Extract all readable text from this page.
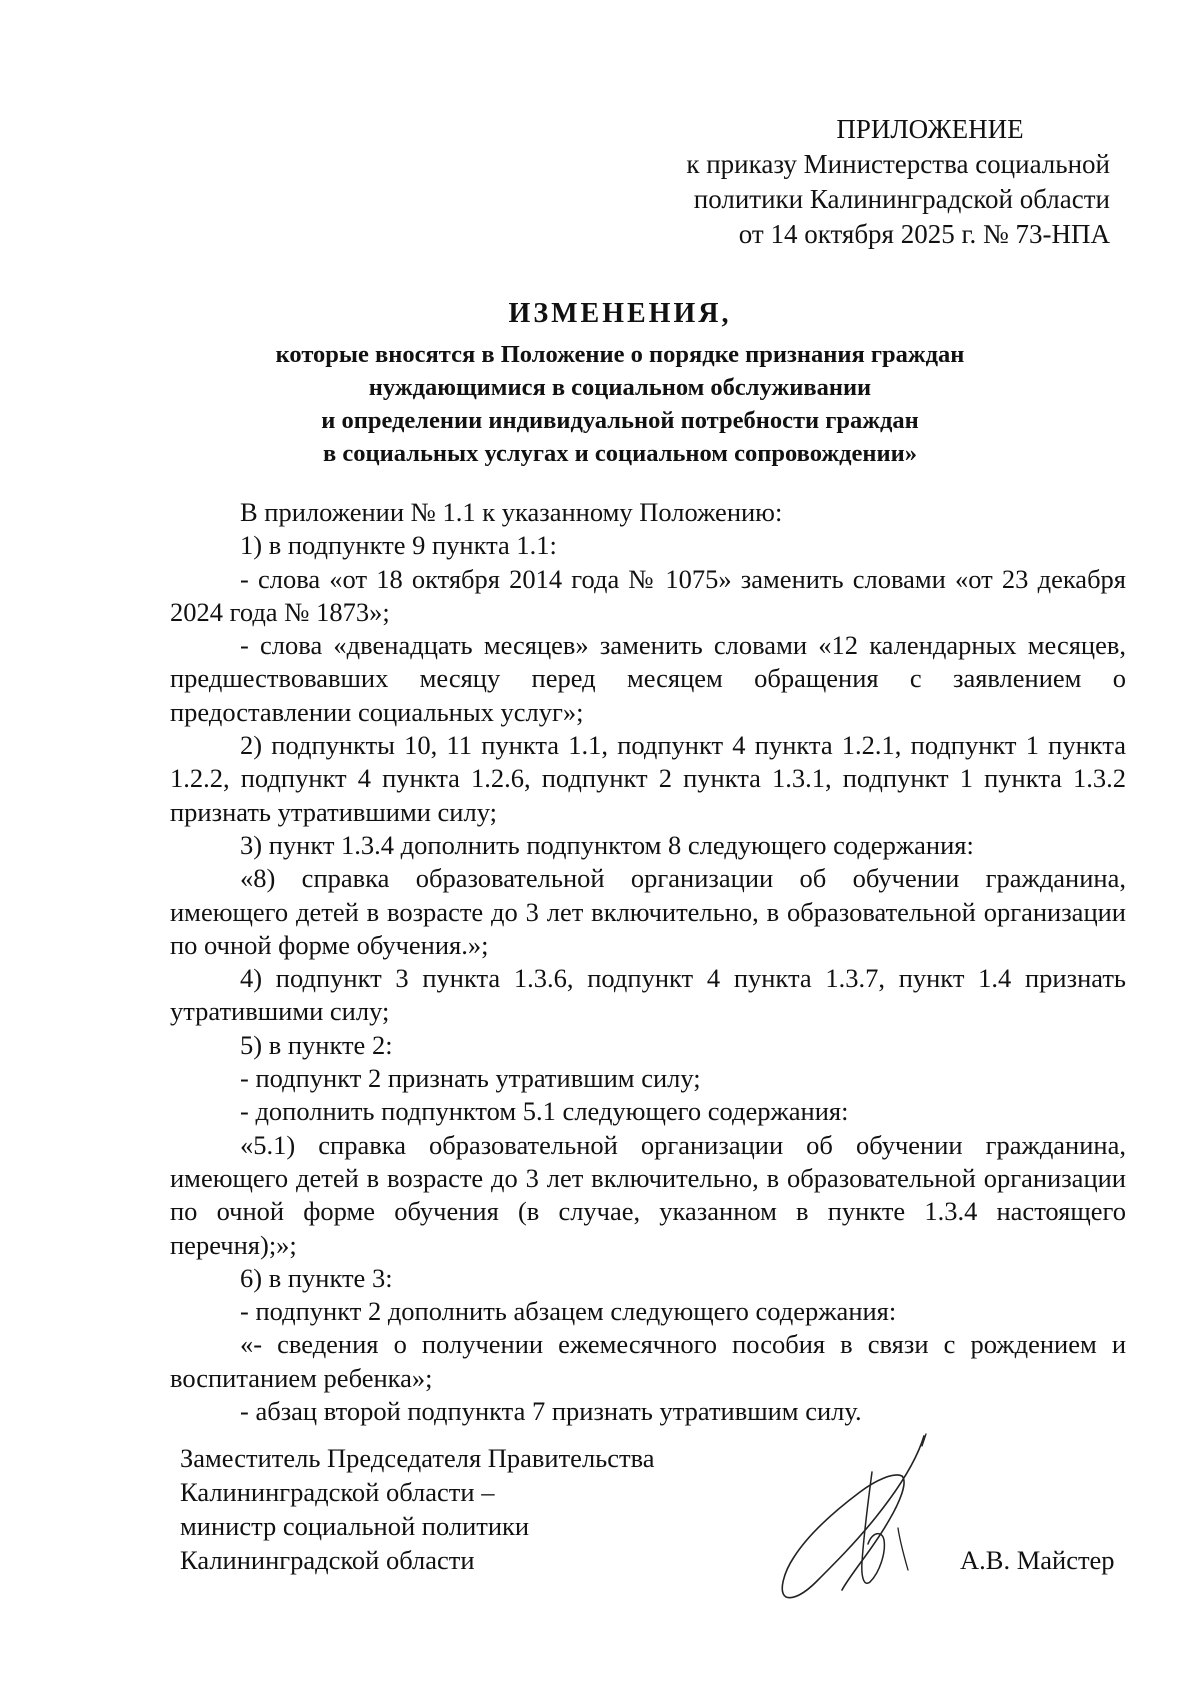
ПРИЛОЖЕНИЕ
к приказу Министерства социальной
политики Калининградской области
от 14 октября 2025 г. № 73-НПА
ИЗМЕНЕНИЯ,
которые вносятся в Положение о порядке признания граждан
нуждающимися в социальном обслуживании
и определении индивидуальной потребности граждан
в социальных услугах и социальном сопровождении»

В приложении № 1.1 к указанному Положению:

1) в подпункте 9 пункта 1.1:

- слова «от 18 октября 2014 года № 1075» заменить словами «от 23 декабря 2024 года № 1873»;

- слова «двенадцать месяцев» заменить словами «12 календарных месяцев, предшествовавших месяцу перед месяцем обращения с заявлением о предоставлении социальных услуг»;

2) подпункты 10, 11 пункта 1.1, подпункт 4 пункта 1.2.1, подпункт 1 пункта 1.2.2, подпункт 4 пункта 1.2.6, подпункт 2 пункта 1.3.1, подпункт 1 пункта 1.3.2 признать утратившими силу;

3) пункт 1.3.4 дополнить подпунктом 8 следующего содержания:

«8) справка образовательной организации об обучении гражданина, имеющего детей в возрасте до 3 лет включительно, в образовательной организации по очной форме обучения.»;

4) подпункт 3 пункта 1.3.6, подпункт 4 пункта 1.3.7, пункт 1.4 признать утратившими силу;

5) в пункте 2:

- подпункт 2 признать утратившим силу;

- дополнить подпунктом 5.1 следующего содержания:

«5.1) справка образовательной организации об обучении гражданина, имеющего детей в возрасте до 3 лет включительно, в образовательной организации по очной форме обучения (в случае, указанном в пункте 1.3.4 настоящего перечня);»;

6) в пункте 3:

- подпункт 2 дополнить абзацем следующего содержания:

«- сведения о получении ежемесячного пособия в связи с рождением и воспитанием ребенка»;

- абзац второй подпункта 7 признать утратившим силу.

Заместитель Председателя Правительства
Калининградской области –
министр социальной политики
Калининградской области	А.В. Майстер
